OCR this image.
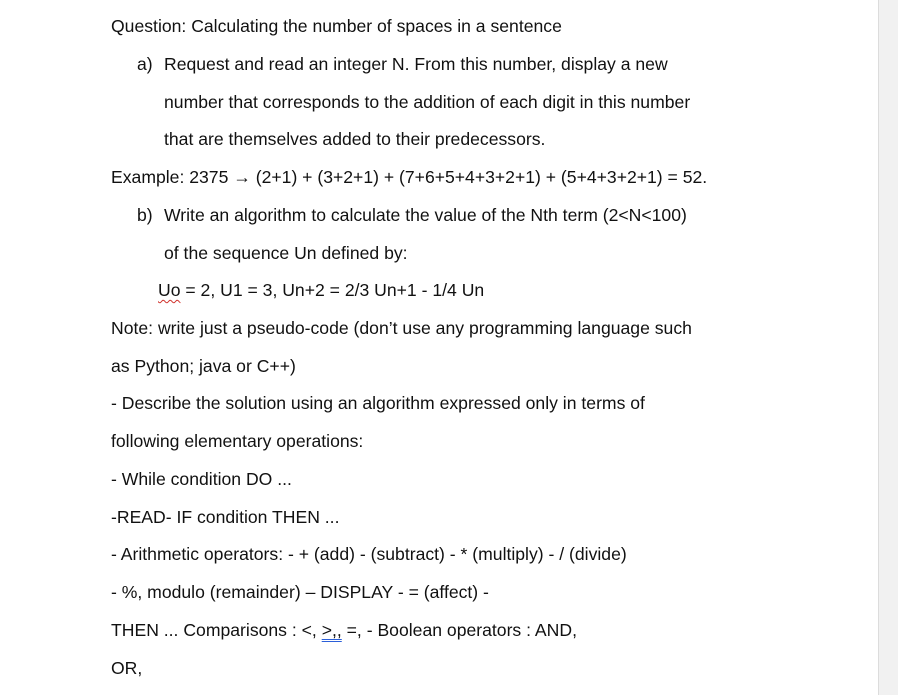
Question: Calculating the number of spaces in a sentence
a) Request and read an integer N. From this number, display a new
number that corresponds to the addition of each digit in this number
that are themselves added to their predecessors.
Example: 2375 → (2+1) + (3+2+1) + (7+6+5+4+3+2+1) + (5+4+3+2+1) = 52.
b) Write an algorithm to calculate the value of the Nth term (2<N<100)
of the sequence Un defined by:
Uo = 2, U1 = 3, Un+2 = 2/3 Un+1 - 1/4 Un
Note: write just a pseudo-code (don’t use any programming language such
as Python; java or C++)
- Describe the solution using an algorithm expressed only in terms of
following elementary operations:
- While condition DO ...
-READ- IF condition THEN ...
- Arithmetic operators: - + (add) - (subtract) - * (multiply) - / (divide)
- %, modulo (remainder) – DISPLAY - = (affect) -
THEN ... Comparisons : <, >,, =, - Boolean operators : AND,
OR,
